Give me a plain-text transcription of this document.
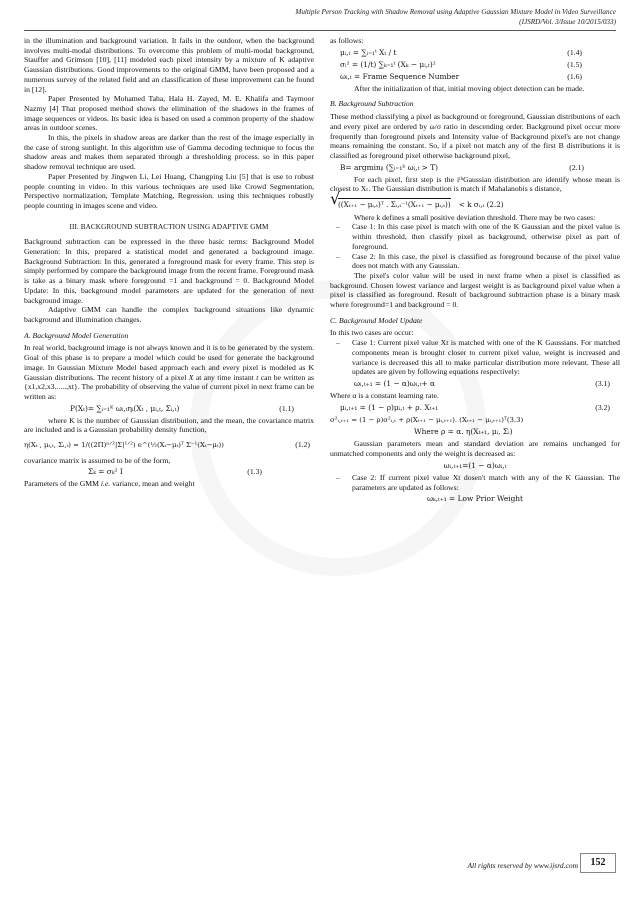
Multiple Person Tracking with Shadow Removal using Adaptive Gaussian Mixture Model in Video Surveillance
(IJSRD/Vol. 3/Issue 10/2015/033)

in the illumination and background variation. It fails in the outdoor, when the background involves multi-modal distributions. To overcome this problem of multi-modal background, Stauffer and Grimson [10], [11] modeled each pixel intensity by a mixture of K adaptive Gaussian distributions. Good improvements to the original GMM, have been proposed and a numerous survey of the related field and an classification of these improvement can be found in [12].

Paper Presented by Mohamed Taha, Hala H. Zayed, M. E. Khalifa and Taymoor Nazmy [4] That proposed method shows the elimination of the shadows in the frames of image sequences or videos. Its basic idea is based on used a common property of the shadow areas in outdoor scenes.

In this, the pixels in shadow areas are darker than the rest of the image especially in the case of strong sunlight. In this algorithm use of Gamma decoding technique to focus the shadow areas and makes them separated through a thresholding process. so in this paper shadow removal technique are used.

Paper Presented by Jingwen Li, Lei Huang, Changping Liu [5] that is use to robust people counting in video. In this various techniques are used like Crowd Segmentation, Perspective normalization, Template Matching, Regression. using this techniques robustly people counting in images scene and video.

III. BACKGROUND SUBTRACTION USING ADAPTIVE GMM

Background subtraction can be expressed in the three basic terms: Background Model Generation: In this, prepared a statistical model and generated a background image. Background Subtraction: In this, generated a foreground mask for every frame. This step is simply performed by compare the background image from the recent frame. Foreground mask is take as a binary mask where foreground =1 and background = 0. Background Model Update: In this, background model parameters are updated for the generation of next background image.

Adaptive GMM can handle the complex background situations like dynamic background and illumination changes.

A. Background Model Generation

In real world, background image is not always known and it is to be generated by the system. Goal of this phase is to prepare a model which could be used for generate the background image. In Gaussian Mixture Model based approach each and every pixel is modeled as K Gaussian distributions. The recent history of a pixel X at any time instant t can be written as {x1,x2,x3......,xt}. The probability of observing the value of current pixel in next frame can be written as:

P(Xₜ)= ∑ᵢ₌₁ᴷ ωᵢ,ₜηᵢ(Xₜ , μᵢ,ₜ, Σᵢ,ₜ)	(1.1)

where K is the number of Gaussian distribution, and the mean, the covariance matrix are included and is a Gaussian probability density function,

η(Xₜ , μᵢ,ₜ, Σᵢ,ₜ) = 1/((2Π)ⁿᐟ²|Σ|¹ᐟ²) e^(½(Xₜ−μₜ)ᵀ Σ⁻¹(Xₜ−μₜ))	(1.2)

covariance matrix is assumed to be of the form,

Σₖ = σₖ² I	(1.3)

Parameters of the GMM i.e. variance, mean and weight

as follows:

μᵢ,ₜ = ∑ᵢ₌₁ᵗ Xₜ / t	(1.4)
σᵢ² = (1/t) ∑ₖ₌₁ᵗ (Xₖ − μᵢ,ₜ)²	(1.5)
ωᵢ,ₜ = Frame Sequence Number	(1.6)

After the initialization of that, initial moving object detection can be made.

B. Background Subtraction

These method classifying a pixel as background or foreground, Gaussian distributions of each and every pixel are ordered by ω/σ ratio in descending order. Background pixel occur more frequently than foreground pixels and Intensity value of Background pixel's are not change means remaining the constant. So, if a pixel not match any of the first B distributions it is classified as foreground pixel otherwise background pixel,

B= argminᵦ (∑ᵢ₌₁ᵇ ωᵢ,ₜ > T)	(2.1)

For each pixel, first step is the iᵗʰGaussian distribution are identify whose mean is closest to Xₜ. The Gaussian distribution is match if Mahalanobis s distance,

√
((Xₜ₊₁ − μᵢ,ₜ)ᵀ . Σᵢ,ₜ⁻¹(Xₜ₊₁ − μᵢ,ₜ)) < k σᵢ,ₜ (2.2)

Where k defines a small positive deviation threshold. There may be two cases:

– Case 1: In this case pixel is match with one of the K Gaussian and the pixel value is within threshold, then classify pixel as background, otherwise pixel as part of foreground.
– Case 2: In this case, the pixel is classified as foreground because of the pixel value does not match with any Gaussian.

The pixel's color value will be used in next frame when a pixel is classified as background. Chosen lowest variance and largest weight is as background pixel value when a pixel is classified as foreground. Result of background subtraction phase is a binary mask where foreground=1 and background = 0.

C. Background Model Update

In this two cases are occur:

– Case 1: Current pixel value Xt is matched with one of the K Gaussians. For matched components mean is brought closer to current pixel value, weight is increased and variance is decreased this all to make particular distribution more relevant. These all updates are given by following equations respectively:
ωᵢ,ₜ₊₁ = (1 − α)ωᵢ,ₜ+ α	(3.1)

Where α is a constant learning rate.

μᵢ,ₜ₊₁ = (1 − ρ)μᵢ,ₜ + ρ. Xₜ₊₁	(3.2)
σ²ᵢ,ₜ₊₁ = (1 − ρ)σ²ᵢ,ₜ + ρ(Xₜ₊₁ − μᵢ,ₜ₊₁). (Xₜ₊₁ − μᵢ,ₜ₊₁)ᵀ(3.3)
Where ρ = α. η(Xₜ₊₁, μᵢ, Σᵢ)

Gaussian parameters mean and standard deviation are remains unchanged for unmatched components and only the weight is decreased as:

ωᵢ,ₜ₊₁=(1 − α)ωᵢ,ₜ
– Case 2: If current pixel value Xt dosen't match with any of the K Gaussian. The parameters are updated as follows:
ωₖ,ₜ₊₁ = Low Prior Weight
All rights reserved by www.ijsrd.com	152
